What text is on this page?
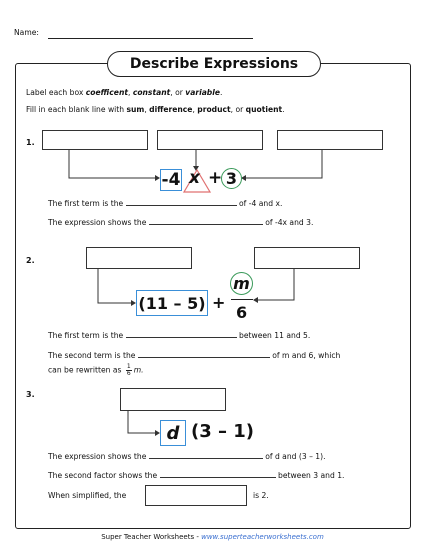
Name:
Describe Expressions
Label each box coefficent, constant, or variable.
Fill in each blank line with sum, difference, product, or quotient.
1.
-4 x + 3
The first term is the	of -4 and x.
The expression shows the	of -4x and 3.
2.
(11 – 5) +
m
6
The first term is the	between 11 and 5.
The second term is the	of m and 6, which
can be rewritten as $\frac{1}{6} m$.
3.
d (3 – 1)
The expression shows the	of d and (3 – 1).
The second factor shows the	between 3 and 1.
When simplified, the	is 2.
Super Teacher Worksheets - www.superteacherworksheets.com
